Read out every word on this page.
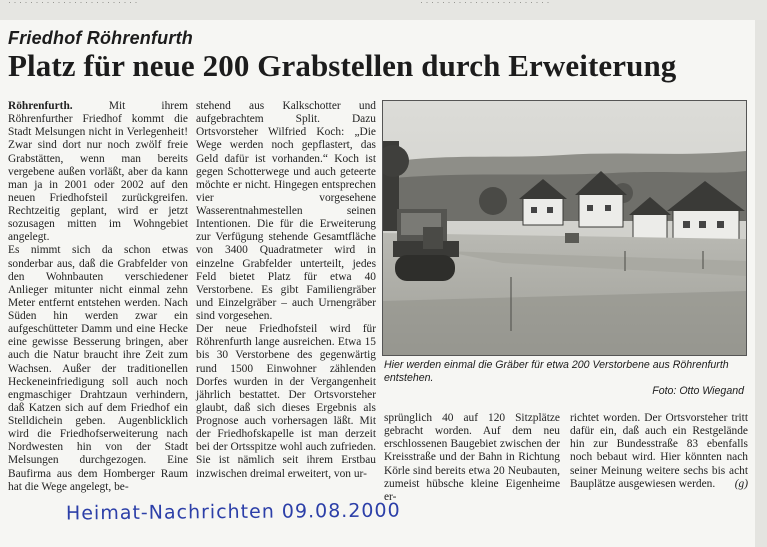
· · · · · · · · · · · · · · · · · · · · · · · ·	· · · · · · · · · · · · · · · · · · · · · · · ·
Friedhof Röhrenfurth
Platz für neue 200 Grabstellen durch Erweiterung

Röhrenfurth.	Mit ihrem Röhrenfurther Friedhof kommt die Stadt Melsungen nicht in Verlegenheit! Zwar sind dort nur noch zwölf freie Grabstätten, wenn man bereits vergebene außen vorläßt, aber da kann man ja in 2001 oder 2002 auf den neuen Friedhofsteil zurückgreifen. Rechtzeitig geplant, wird er jetzt sozusagen mitten im Wohngebiet angelegt.

Es nimmt sich da schon etwas sonderbar aus, daß die Grabfelder von den Wohnbauten verschiedener Anlieger mitunter nicht einmal zehn Meter entfernt entstehen werden. Nach Süden hin werden zwar ein aufgeschütteter Damm und eine Hecke eine gewisse Besserung bringen, aber auch die Natur braucht ihre Zeit zum Wachsen. Außer der traditionellen Heckeneinfriedigung soll auch noch engmaschiger Drahtzaun verhindern, daß Katzen sich auf dem Friedhof ein Stelldichein geben. Augenblicklich wird die Friedhofserweiterung nach Nordwesten hin von der Stadt Melsungen durchgezogen. Eine Baufirma aus dem Homberger Raum hat die Wege angelegt, be-

stehend aus Kalkschotter und aufgebrachtem Split. Dazu Ortsvorsteher Wilfried Koch: „Die Wege werden noch gepflastert, das Geld dafür ist vorhanden.“ Koch ist gegen Schotterwege und auch geteerte möchte er nicht. Hingegen entsprechen vier vorgesehene Wasserentnahmestellen seinen Intentionen. Die für die Erweiterung zur Verfügung stehende Gesamtfläche von 3400 Quadratmeter wird in einzelne Grabfelder unterteilt, jedes Feld bietet Platz für etwa 40 Verstorbene. Es gibt Familiengräber und Einzelgräber – auch Urnengräber sind vorgesehen.

Der neue Friedhofsteil wird für Röhrenfurth lange ausreichen. Etwa 15 bis 30 Verstorbene des gegenwärtig rund 1500 Einwohner zählenden Dorfes wurden in der Vergangenheit jährlich bestattet. Der Ortsvorsteher glaubt, daß sich dieses Ergebnis als Prognose auch vorhersagen läßt. Mit der Friedhofskapelle ist man derzeit bei der Ortsspitze wohl auch zufrieden. Sie ist nämlich seit ihrem Erstbau inzwischen dreimal erweitert, von ur-

Hier werden einmal die Gräber für etwa 200 Verstorbene aus Röhrenfurth entstehen.
Foto: Otto Wiegand

sprünglich 40 auf 120 Sitzplätze gebracht worden. Auf dem neu erschlossenen Baugebiet zwischen der Kreisstraße und der Bahn in Richtung Körle sind bereits etwa 20 Neubauten, zumeist hübsche kleine Eigenheime er-

richtet worden. Der Ortsvorsteher tritt dafür ein, daß auch ein Restgelände hin zur Bundesstraße 83 ebenfalls noch bebaut wird. Hier könnten nach seiner Meinung weitere sechs bis acht Bauplätze ausgewiesen werden. (g)

Heimat-Nachrichten 09.08.2000
